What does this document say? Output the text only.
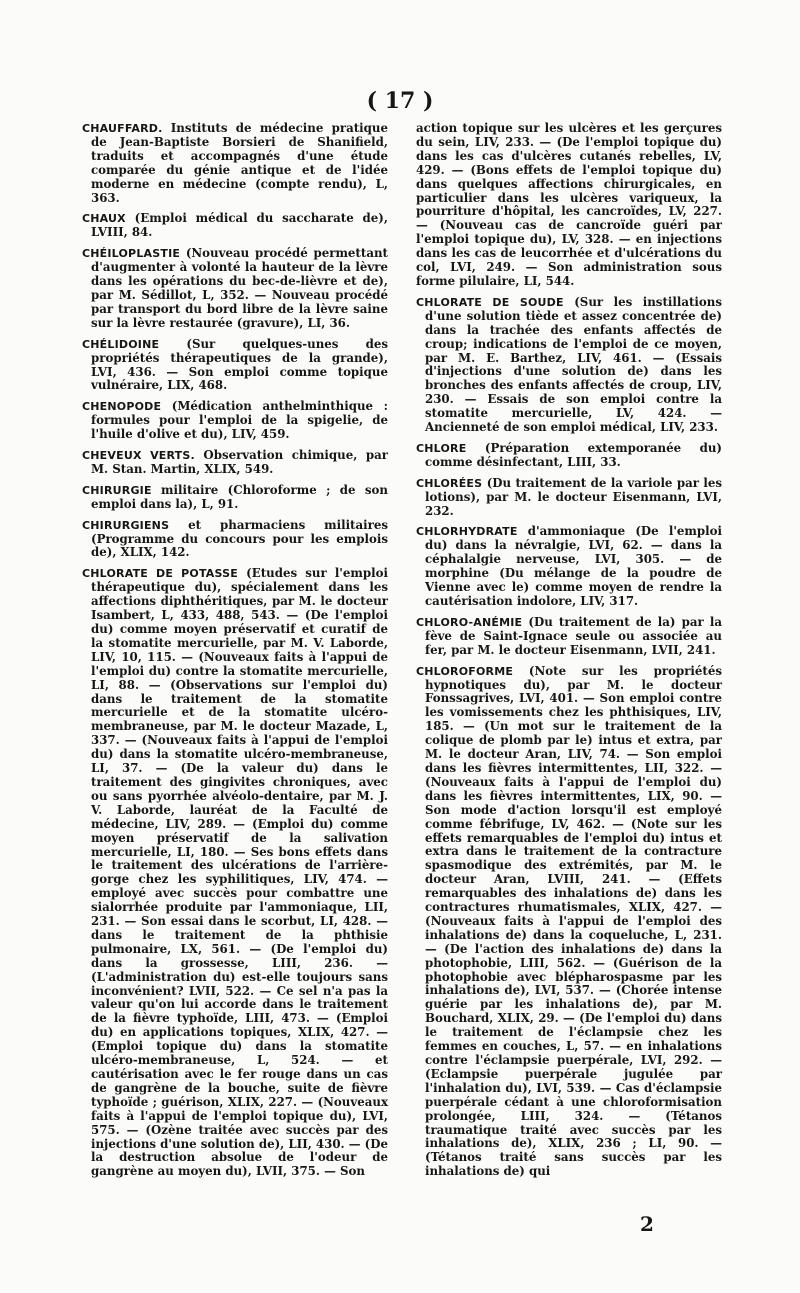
( 17 )

CHAUFFARD. Instituts de médecine pratique de Jean-Baptiste Borsieri de Shanifield, traduits et accompagnés d'une étude comparée du génie antique et de l'idée moderne en médecine (compte rendu), L, 363.

CHAUX (Emploi médical du saccharate de), LVIII, 84.

CHÉILOPLASTIE (Nouveau procédé permettant d'augmenter à volonté la hauteur de la lèvre dans les opérations du bec-de-lièvre et de), par M. Sédillot, L, 352. — Nouveau procédé par transport du bord libre de la lèvre saine sur la lèvre restaurée (gravure), LI, 36.

CHÉLIDOINE (Sur quelques-unes des propriétés thérapeutiques de la grande), LVI, 436. — Son emploi comme topique vulnéraire, LIX, 468.

CHENOPODE (Médication anthelminthique : formules pour l'emploi de la spigelie, de l'huile d'olive et du), LIV, 459.

CHEVEUX VERTS. Observation chimique, par M. Stan. Martin, XLIX, 549.

CHIRURGIE militaire (Chloroforme ; de son emploi dans la), L, 91.

CHIRURGIENS et pharmaciens militaires (Programme du concours pour les emplois de), XLIX, 142.

CHLORATE DE POTASSE (Etudes sur l'emploi thérapeutique du), spécialement dans les affections diphthéritiques, par M. le docteur Isambert, L, 433, 488, 543. — (De l'emploi du) comme moyen préservatif et curatif de la stomatite mercurielle, par M. V. Laborde, LIV, 10, 115. — (Nouveaux faits à l'appui de l'emploi du) contre la stomatite mercurielle, LI, 88. — (Observations sur l'emploi du) dans le traitement de la stomatite mercurielle et de la stomatite ulcéro-membraneuse, par M. le docteur Mazade, L, 337. — (Nouveaux faits à l'appui de l'emploi du) dans la stomatite ulcéro-membraneuse, LI, 37. — (De la valeur du) dans le traitement des gingivites chroniques, avec ou sans pyorrhée alvéolo-dentaire, par M. J. V. Laborde, lauréat de la Faculté de médecine, LIV, 289. — (Emploi du) comme moyen préservatif de la salivation mercurielle, LI, 180. — Ses bons effets dans le traitement des ulcérations de l'arrière-gorge chez les syphilitiques, LIV, 474. — employé avec succès pour combattre une sialorrhée produite par l'ammoniaque, LII, 231. — Son essai dans le scorbut, LI, 428. — dans le traitement de la phthisie pulmonaire, LX, 561. — (De l'emploi du) dans la grossesse, LIII, 236. — (L'administration du) est-elle toujours sans inconvénient? LVII, 522. — Ce sel n'a pas la valeur qu'on lui accorde dans le traitement de la fièvre typhoïde, LIII, 473. — (Emploi du) en applications topiques, XLIX, 427. — (Emploi topique du) dans la stomatite ulcéro-membraneuse, L, 524. — et cautérisation avec le fer rouge dans un cas de gangrène de la bouche, suite de fièvre typhoïde ; guérison, XLIX, 227. — (Nouveaux faits à l'appui de l'emploi topique du), LVI, 575. — (Ozène traitée avec succès par des injections d'une solution de), LII, 430. — (De la destruction absolue de l'odeur de gangrène au moyen du), LVII, 375. — Son

action topique sur les ulcères et les gerçures du sein, LIV, 233. — (De l'emploi topique du) dans les cas d'ulcères cutanés rebelles, LV, 429. — (Bons effets de l'emploi topique du) dans quelques affections chirurgicales, en particulier dans les ulcères variqueux, la pourriture d'hôpital, les cancroïdes, LV, 227. — (Nouveau cas de cancroïde guéri par l'emploi topique du), LV, 328. — en injections dans les cas de leucorrhée et d'ulcérations du col, LVI, 249. — Son administration sous forme pilulaire, LI, 544.

CHLORATE DE SOUDE (Sur les instillations d'une solution tiède et assez concentrée de) dans la trachée des enfants affectés de croup; indications de l'emploi de ce moyen, par M. E. Barthez, LIV, 461. — (Essais d'injections d'une solution de) dans les bronches des enfants affectés de croup, LIV, 230. — Essais de son emploi contre la stomatite mercurielle, LV, 424. — Ancienneté de son emploi médical, LIV, 233.

CHLORE (Préparation extemporanée du) comme désinfectant, LIII, 33.

CHLORÉES (Du traitement de la variole par les lotions), par M. le docteur Eisenmann, LVI, 232.

CHLORHYDRATE d'ammoniaque (De l'emploi du) dans la névralgie, LVI, 62. — dans la céphalalgie nerveuse, LVI, 305. — de morphine (Du mélange de la poudre de Vienne avec le) comme moyen de rendre la cautérisation indolore, LIV, 317.

CHLORO-ANÉMIE (Du traitement de la) par la fève de Saint-Ignace seule ou associée au fer, par M. le docteur Eisenmann, LVII, 241.

CHLOROFORME (Note sur les propriétés hypnotiques du), par M. le docteur Fonssagrives, LVI, 401. — Son emploi contre les vomissements chez les phthisiques, LIV, 185. — (Un mot sur le traitement de la colique de plomb par le) intus et extra, par M. le docteur Aran, LIV, 74. — Son emploi dans les fièvres intermittentes, LII, 322. — (Nouveaux faits à l'appui de l'emploi du) dans les fièvres intermittentes, LIX, 90. — Son mode d'action lorsqu'il est employé comme fébrifuge, LV, 462. — (Note sur les effets remarquables de l'emploi du) intus et extra dans le traitement de la contracture spasmodique des extrémités, par M. le docteur Aran, LVIII, 241. — (Effets remarquables des inhalations de) dans les contractures rhumatismales, XLIX, 427. — (Nouveaux faits à l'appui de l'emploi des inhalations de) dans la coqueluche, L, 231. — (De l'action des inhalations de) dans la photophobie, LIII, 562. — (Guérison de la photophobie avec blépharospasme par les inhalations de), LVI, 537. — (Chorée intense guérie par les inhalations de), par M. Bouchard, XLIX, 29. — (De l'emploi du) dans le traitement de l'éclampsie chez les femmes en couches, L, 57. — en inhalations contre l'éclampsie puerpérale, LVI, 292. — (Eclampsie puerpérale jugulée par l'inhalation du), LVI, 539. — Cas d'éclampsie puerpérale cédant à une chloroformisation prolongée, LIII, 324. — (Tétanos traumatique traité avec succès par les inhalations de), XLIX, 236 ; LI, 90. — (Tétanos traité sans succès par les inhalations de) qui

2
